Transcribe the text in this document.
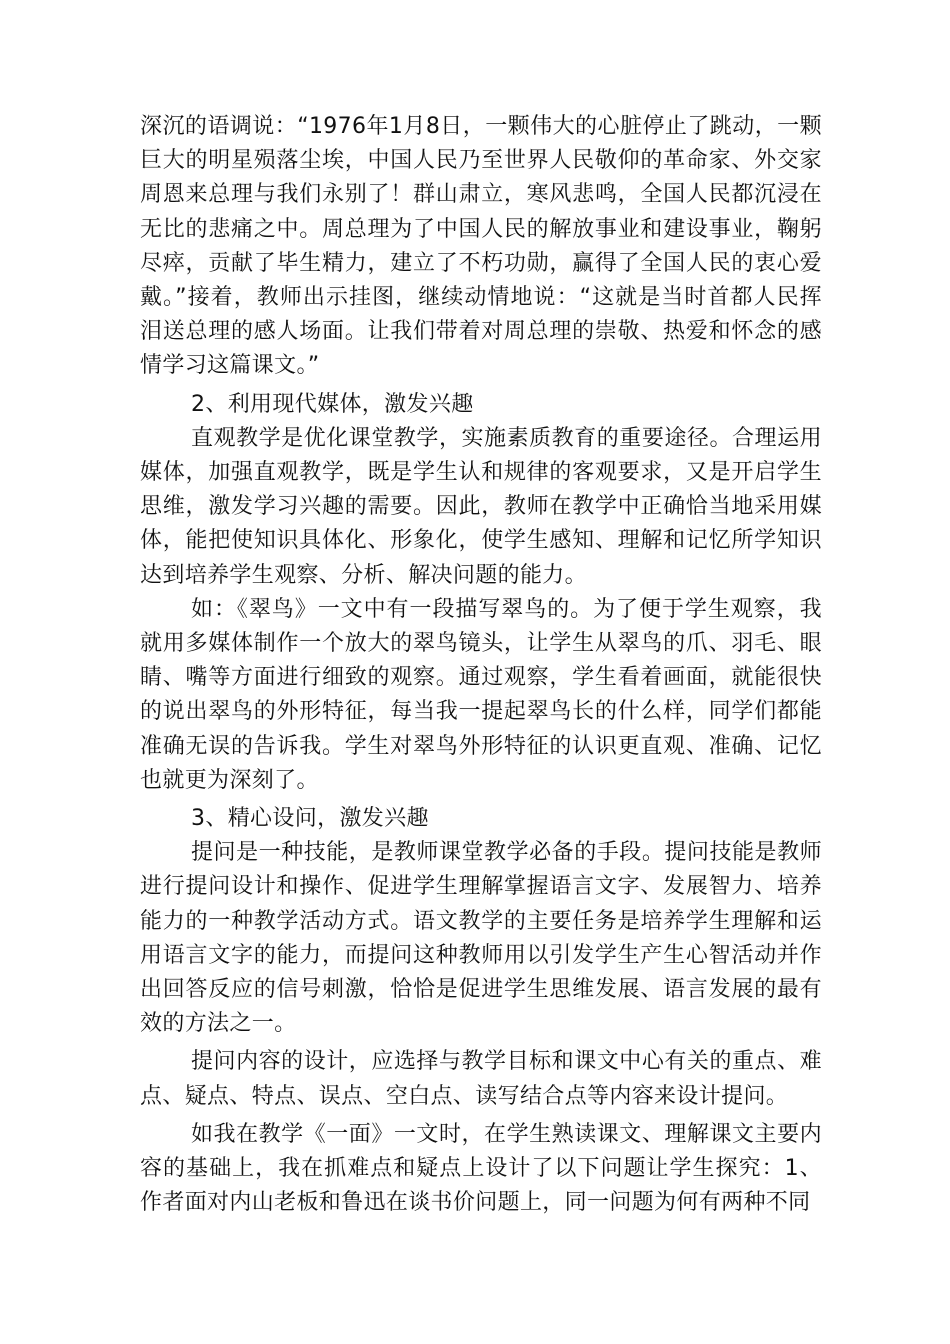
深沉的语调说：“1976年1月8日，一颗伟大的心脏停止了跳动，一颗巨大的明星殒落尘埃，中国人民乃至世界人民敬仰的革命家、外交家周恩来总理与我们永别了！群山肃立，寒风悲鸣，全国人民都沉浸在无比的悲痛之中。周总理为了中国人民的解放事业和建设事业，鞠躬尽瘁，贡献了毕生精力，建立了不朽功勋，赢得了全国人民的衷心爱戴。”接着，教师出示挂图，继续动情地说：“这就是当时首都人民挥泪送总理的感人场面。让我们带着对周总理的崇敬、热爱和怀念的感情学习这篇课文。”

2、利用现代媒体，激发兴趣

直观教学是优化课堂教学，实施素质教育的重要途径。合理运用媒体，加强直观教学，既是学生认和规律的客观要求，又是开启学生思维，激发学习兴趣的需要。因此，教师在教学中正确恰当地采用媒体，能把使知识具体化、形象化，使学生感知、理解和记忆所学知识达到培养学生观察、分析、解决问题的能力。

如：《翠鸟》一文中有一段描写翠鸟的。为了便于学生观察，我就用多媒体制作一个放大的翠鸟镜头，让学生从翠鸟的爪、羽毛、眼睛、嘴等方面进行细致的观察。通过观察，学生看着画面，就能很快的说出翠鸟的外形特征，每当我一提起翠鸟长的什么样，同学们都能准确无误的告诉我。学生对翠鸟外形特征的认识更直观、准确、记忆也就更为深刻了。

3、精心设问，激发兴趣

提问是一种技能，是教师课堂教学必备的手段。提问技能是教师进行提问设计和操作、促进学生理解掌握语言文字、发展智力、培养能力的一种教学活动方式。语文教学的主要任务是培养学生理解和运用语言文字的能力，而提问这种教师用以引发学生产生心智活动并作出回答反应的信号刺激，恰恰是促进学生思维发展、语言发展的最有效的方法之一。

提问内容的设计，应选择与教学目标和课文中心有关的重点、难点、疑点、特点、误点、空白点、读写结合点等内容来设计提问。

如我在教学《一面》一文时，在学生熟读课文、理解课文主要内容的基础上，我在抓难点和疑点上设计了以下问题让学生探究：1、作者面对内山老板和鲁迅在谈书价问题上，同一问题为何有两种不同
